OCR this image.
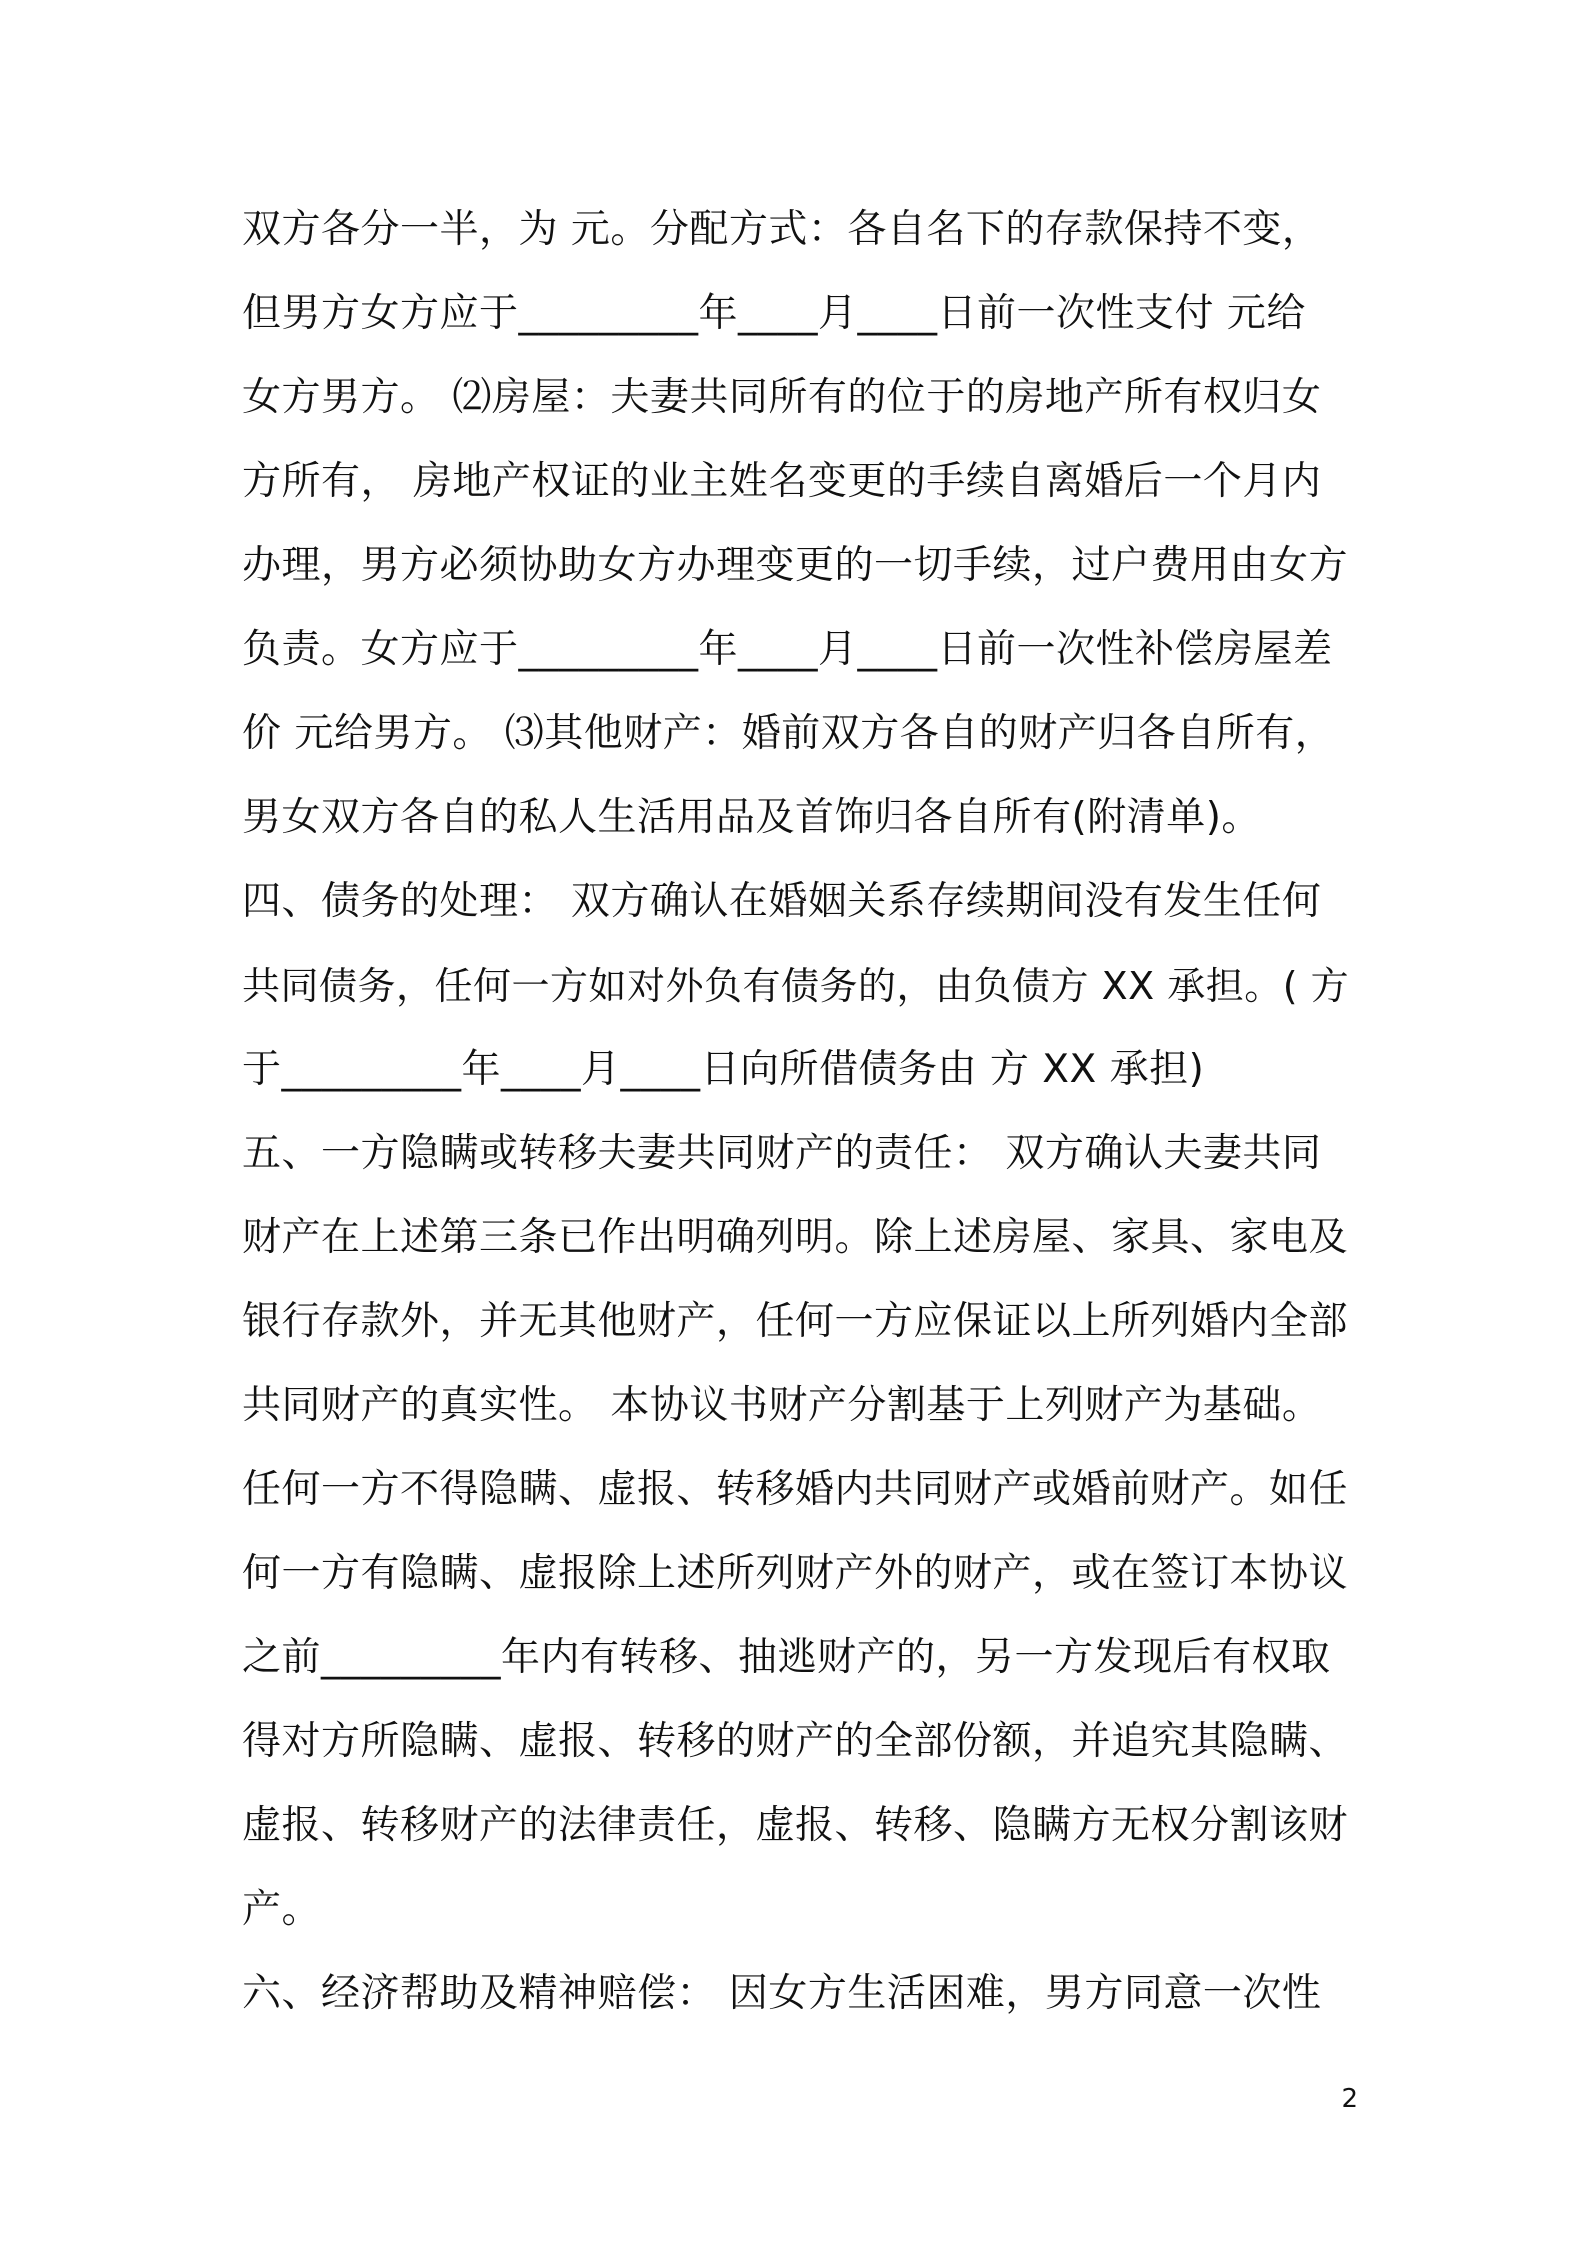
双方各分一半，为 元。分配方式：各自名下的存款保持不变，
但男方女方应于_________年____月____日前一次性支付 元给
女方男方。 ⑵房屋：夫妻共同所有的位于的房地产所有权归女
方所有， 房地产权证的业主姓名变更的手续自离婚后一个月内
办理，男方必须协助女方办理变更的一切手续，过户费用由女方
负责。女方应于_________年____月____日前一次性补偿房屋差
价 元给男方。 ⑶其他财产：婚前双方各自的财产归各自所有，
男女双方各自的私人生活用品及首饰归各自所有(附清单)。
四、债务的处理： 双方确认在婚姻关系存续期间没有发生任何
共同债务，任何一方如对外负有债务的，由负债方 XX 承担。( 方
于_________年____月____日向所借债务由 方 XX 承担)
五、一方隐瞒或转移夫妻共同财产的责任： 双方确认夫妻共同
财产在上述第三条已作出明确列明。除上述房屋、家具、家电及
银行存款外，并无其他财产，任何一方应保证以上所列婚内全部
共同财产的真实性。 本协议书财产分割基于上列财产为基础。
任何一方不得隐瞒、虚报、转移婚内共同财产或婚前财产。如任
何一方有隐瞒、虚报除上述所列财产外的财产，或在签订本协议
之前_________年内有转移、抽逃财产的，另一方发现后有权取
得对方所隐瞒、虚报、转移的财产的全部份额，并追究其隐瞒、
虚报、转移财产的法律责任，虚报、转移、隐瞒方无权分割该财
产。
六、经济帮助及精神赔偿： 因女方生活困难，男方同意一次性
2
